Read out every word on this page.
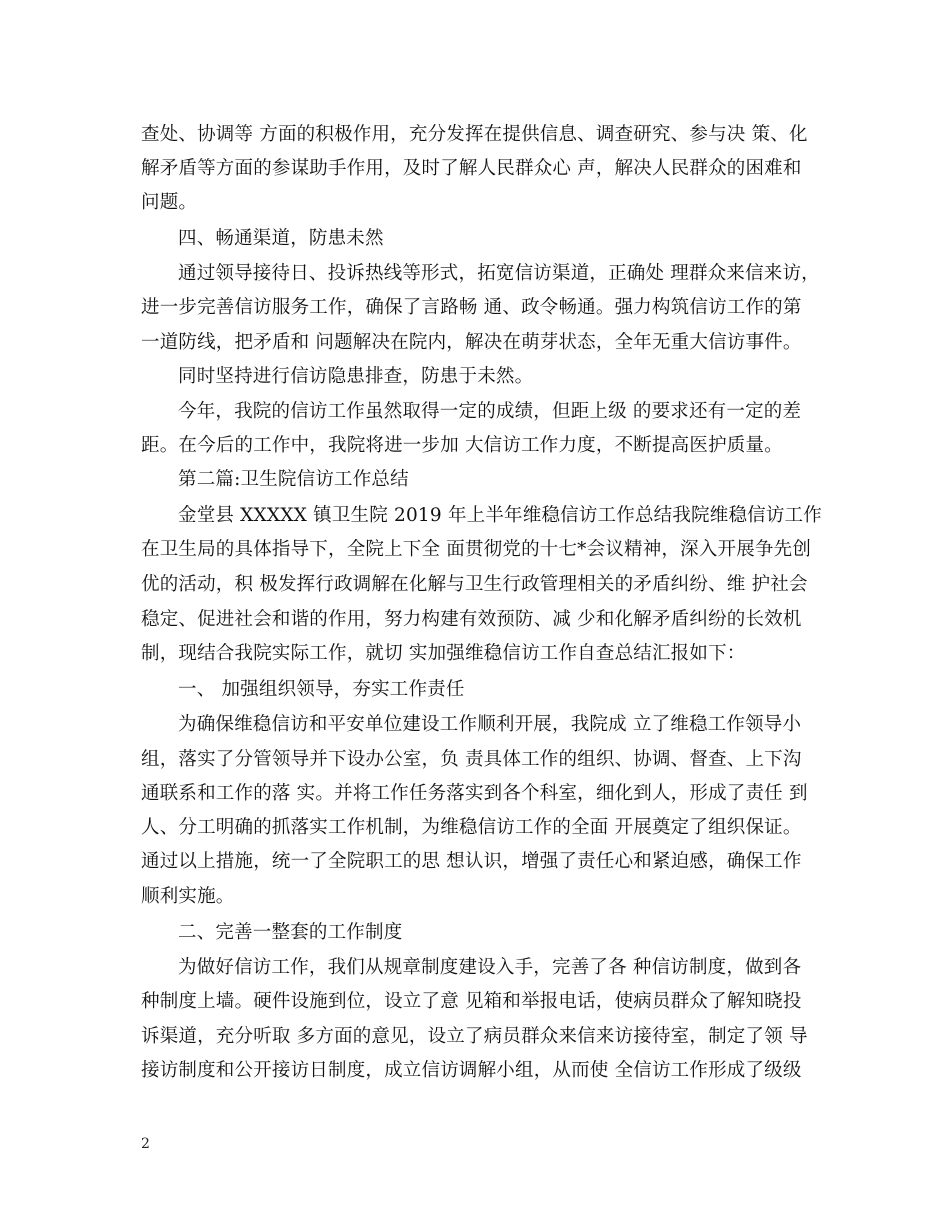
查处、协调等 方面的积极作用，充分发挥在提供信息、调查研究、参与决 策、化
解矛盾等方面的参谋助手作用，及时了解人民群众心 声，解决人民群众的困难和
问题。
四、畅通渠道，防患未然
通过领导接待日、投诉热线等形式，拓宽信访渠道，正确处 理群众来信来访，
进一步完善信访服务工作，确保了言路畅 通、政令畅通。强力构筑信访工作的第
一道防线，把矛盾和 问题解决在院内，解决在萌芽状态，全年无重大信访事件。
同时坚持进行信访隐患排查，防患于未然。
今年，我院的信访工作虽然取得一定的成绩，但距上级 的要求还有一定的差
距。在今后的工作中，我院将进一步加 大信访工作力度，不断提高医护质量。
第二篇:卫生院信访工作总结
金堂县 XXXXX 镇卫生院 2019 年上半年维稳信访工作总结我院维稳信访工作
在卫生局的具体指导下，全院上下全 面贯彻党的十七*会议精神，深入开展争先创
优的活动，积 极发挥行政调解在化解与卫生行政管理相关的矛盾纠纷、维 护社会
稳定、促进社会和谐的作用，努力构建有效预防、减 少和化解矛盾纠纷的长效机
制，现结合我院实际工作，就切 实加强维稳信访工作自查总结汇报如下：
一、 加强组织领导，夯实工作责任
为确保维稳信访和平安单位建设工作顺利开展，我院成 立了维稳工作领导小
组，落实了分管领导并下设办公室，负 责具体工作的组织、协调、督查、上下沟
通联系和工作的落 实。并将工作任务落实到各个科室，细化到人，形成了责任 到
人、分工明确的抓落实工作机制，为维稳信访工作的全面 开展奠定了组织保证。
通过以上措施，统一了全院职工的思 想认识，增强了责任心和紧迫感，确保工作
顺利实施。
二、完善一整套的工作制度
为做好信访工作，我们从规章制度建设入手，完善了各 种信访制度，做到各
种制度上墙。硬件设施到位，设立了意 见箱和举报电话，使病员群众了解知晓投
诉渠道，充分听取 多方面的意见，设立了病员群众来信来访接待室，制定了领 导
接访制度和公开接访日制度，成立信访调解小组，从而使 全信访工作形成了级级
2
